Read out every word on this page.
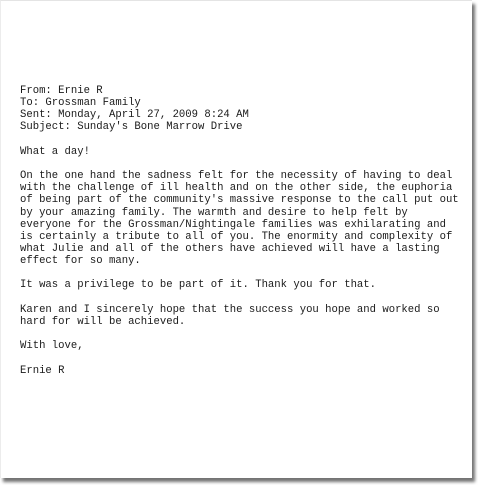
From: Ernie R
To: Grossman Family
Sent: Monday, April 27, 2009 8:24 AM
Subject: Sunday's Bone Marrow Drive
What a day!
On the one hand the sadness felt for the necessity of having to deal
with the challenge of ill health and on the other side, the euphoria
of being part of the community's massive response to the call put out
by your amazing family. The warmth and desire to help felt by
everyone for the Grossman/Nightingale families was exhilarating and
is certainly a tribute to all of you. The enormity and complexity of
what Julie and all of the others have achieved will have a lasting
effect for so many.
It was a privilege to be part of it. Thank you for that.
Karen and I sincerely hope that the success you hope and worked so
hard for will be achieved.
With love,
Ernie R
